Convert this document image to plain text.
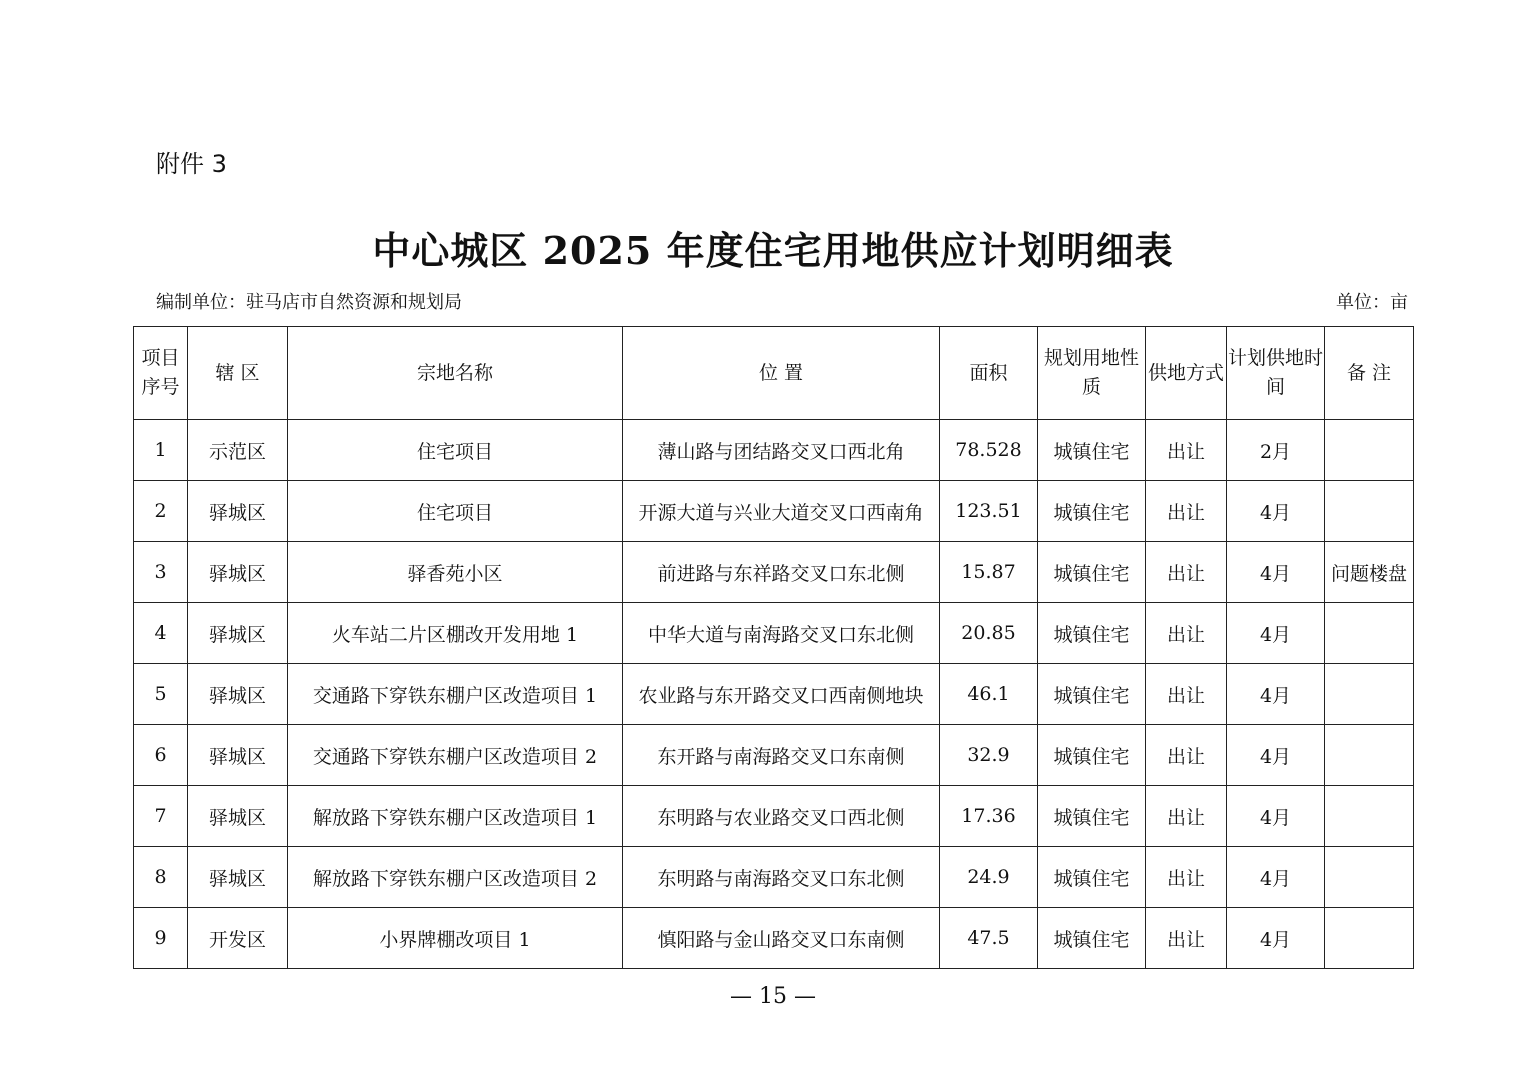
附件 3
中心城区 2025 年度住宅用地供应计划明细表
编制单位：驻马店市自然资源和规划局	单位：亩
项目序号	辖 区	宗地名称	位 置	面积	规划用地性质	供地方式	计划供地时 间	备 注
1	示范区	住宅项目	薄山路与团结路交叉口西北角	78.528	城镇住宅	出让	2月	
2	驿城区	住宅项目	开源大道与兴业大道交叉口西南角	123.51	城镇住宅	出让	4月	
3	驿城区	驿香苑小区	前进路与东祥路交叉口东北侧	15.87	城镇住宅	出让	4月	问题楼盘
4	驿城区	火车站二片区棚改开发用地 1	中华大道与南海路交叉口东北侧	20.85	城镇住宅	出让	4月	
5	驿城区	交通路下穿铁东棚户区改造项目 1	农业路与东开路交叉口西南侧地块	46.1	城镇住宅	出让	4月	
6	驿城区	交通路下穿铁东棚户区改造项目 2	东开路与南海路交叉口东南侧	32.9	城镇住宅	出让	4月	
7	驿城区	解放路下穿铁东棚户区改造项目 1	东明路与农业路交叉口西北侧	17.36	城镇住宅	出让	4月	
8	驿城区	解放路下穿铁东棚户区改造项目 2	东明路与南海路交叉口东北侧	24.9	城镇住宅	出让	4月	
9	开发区	小界牌棚改项目 1	慎阳路与金山路交叉口东南侧	47.5	城镇住宅	出让	4月	
— 15 —
